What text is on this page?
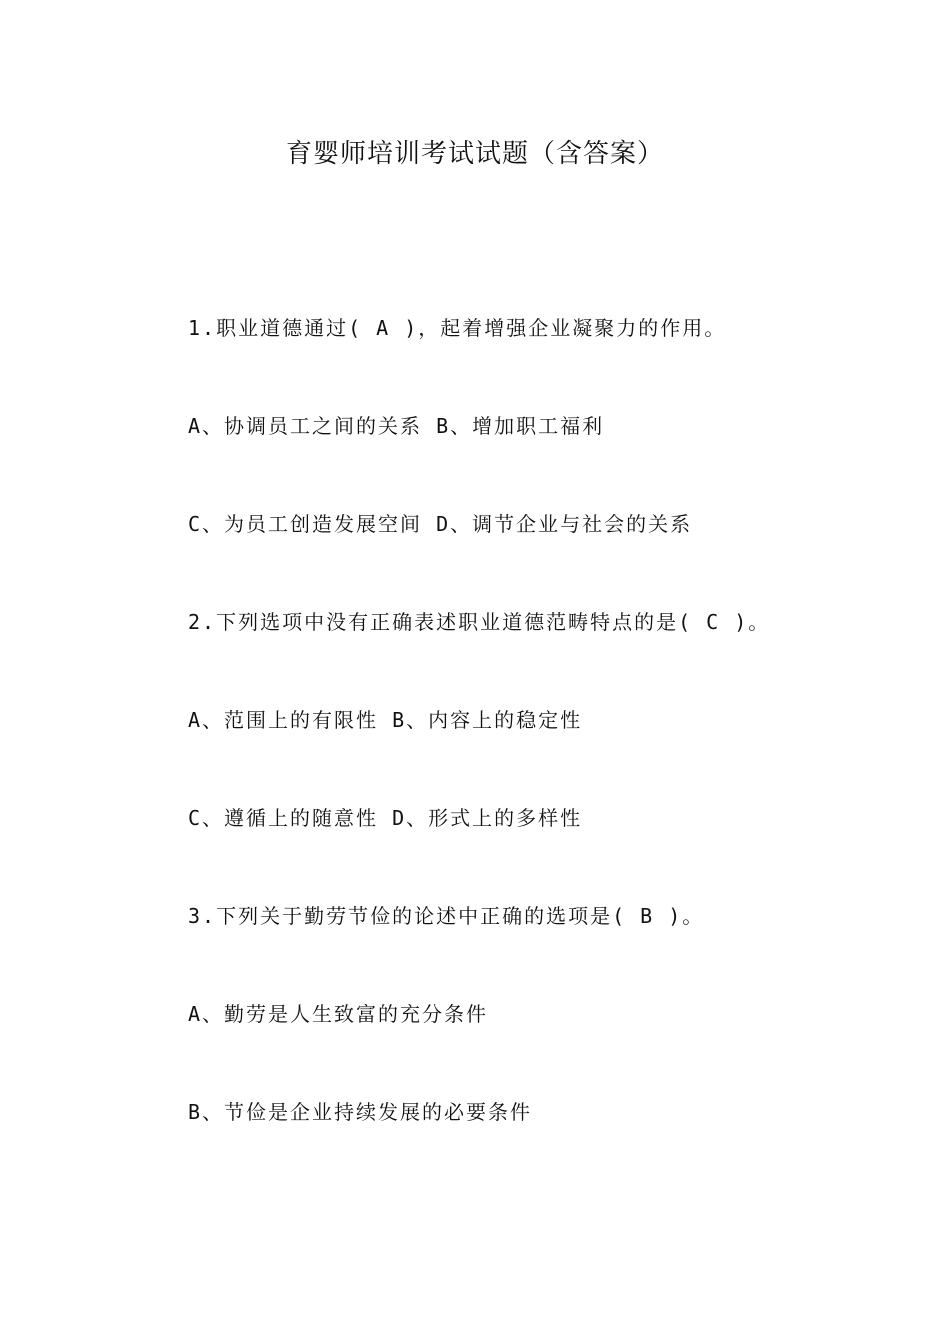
育婴师培训考试试题（含答案）
1.职业道德通过( A )，起着增强企业凝聚力的作用。
A、协调员工之间的关系 B、增加职工福利
C、为员工创造发展空间 D、调节企业与社会的关系
2.下列选项中没有正确表述职业道德范畴特点的是( C )。
A、范围上的有限性 B、内容上的稳定性
C、遵循上的随意性 D、形式上的多样性
3.下列关于勤劳节俭的论述中正确的选项是( B )。
A、勤劳是人生致富的充分条件
B、节俭是企业持续发展的必要条件
